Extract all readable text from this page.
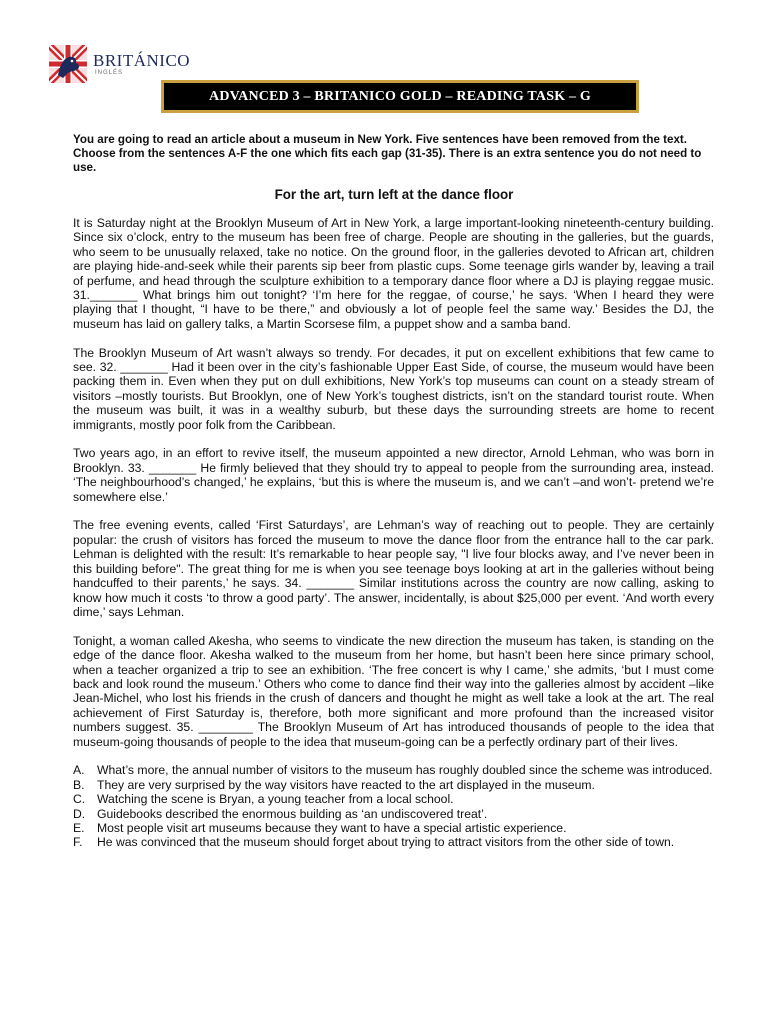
BRITÁNICO
INGLÉS
ADVANCED 3 – BRITANICO GOLD – READING TASK – G
You are going to read an article about a museum in New York. Five sentences have been removed from the text. Choose from the sentences A-F the one which fits each gap (31-35). There is an extra sentence you do not need to use.
For the art, turn left at the dance floor

It is Saturday night at the Brooklyn Museum of Art in New York, a large important-looking nineteenth-century building. Since six o’clock, entry to the museum has been free of charge. People are shouting in the galleries, but the guards, who seem to be unusually relaxed, take no notice. On the ground floor, in the galleries devoted to African art, children are playing hide-and-seek while their parents sip beer from plastic cups. Some teenage girls wander by, leaving a trail of perfume, and head through the sculpture exhibition to a temporary dance floor where a DJ is playing reggae music. 31._______ What brings him out tonight? ‘I’m here for the reggae, of course,’ he says. ‘When I heard they were playing that I thought, “I have to be there,” and obviously a lot of people feel the same way.’ Besides the DJ, the museum has laid on gallery talks, a Martin Scorsese film, a puppet show and a samba band.

The Brooklyn Museum of Art wasn’t always so trendy. For decades, it put on excellent exhibitions that few came to see. 32. _______ Had it been over in the city’s fashionable Upper East Side, of course, the museum would have been packing them in. Even when they put on dull exhibitions, New York’s top museums can count on a steady stream of visitors –mostly tourists. But Brooklyn, one of New York’s toughest districts, isn’t on the standard tourist route. When the museum was built, it was in a wealthy suburb, but these days the surrounding streets are home to recent immigrants, mostly poor folk from the Caribbean.

Two years ago, in an effort to revive itself, the museum appointed a new director, Arnold Lehman, who was born in Brooklyn. 33. _______ He firmly believed that they should try to appeal to people from the surrounding area, instead. ‘The neighbourhood’s changed,’ he explains, ‘but this is where the museum is, and we can’t –and won’t- pretend we’re somewhere else.’

The free evening events, called ‘First Saturdays’, are Lehman’s way of reaching out to people. They are certainly popular: the crush of visitors has forced the museum to move the dance floor from the entrance hall to the car park. Lehman is delighted with the result: It’s remarkable to hear people say, "I live four blocks away, and I’ve never been in this building before". The great thing for me is when you see teenage boys looking at art in the galleries without being handcuffed to their parents,’ he says. 34. _______ Similar institutions across the country are now calling, asking to know how much it costs ‘to throw a good party’. The answer, incidentally, is about $25,000 per event. ‘And worth every dime,’ says Lehman.

Tonight, a woman called Akesha, who seems to vindicate the new direction the museum has taken, is standing on the edge of the dance floor. Akesha walked to the museum from her home, but hasn’t been here since primary school, when a teacher organized a trip to see an exhibition. ‘The free concert is why I came,’ she admits, ‘but I must come back and look round the museum.’ Others who come to dance find their way into the galleries almost by accident –like Jean-Michel, who lost his friends in the crush of dancers and thought he might as well take a look at the art. The real achievement of First Saturday is, therefore, both more significant and more profound than the increased visitor numbers suggest. 35. ________ The Brooklyn Museum of Art has introduced thousands of people to the idea that museum-going thousands of people to the idea that museum-going can be a perfectly ordinary part of their lives.

A.	What’s more, the annual number of visitors to the museum has roughly doubled since the scheme was introduced.
B.	They are very surprised by the way visitors have reacted to the art displayed in the museum.
C. Watching the scene is Bryan, a young teacher from a local school.
D. Guidebooks described the enormous building as ‘an undiscovered treat’.
E.	Most people visit art museums because they want to have a special artistic experience.
F.	He was convinced that the museum should forget about trying to attract visitors from the other side of town.
